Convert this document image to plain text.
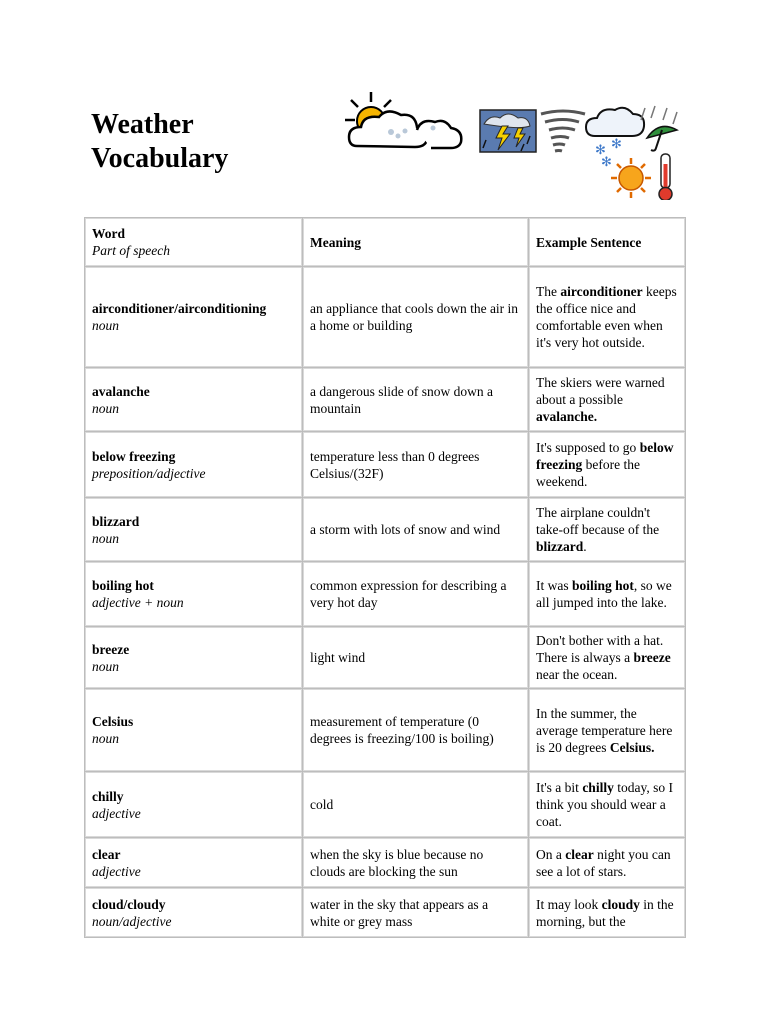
Weather
Vocabulary	✻ ✻
✻
Word
Part of speech	Meaning	Example Sentence

airconditioner/airconditioning
noun	an appliance that cools down the air in a home or building	The airconditioner keeps the office nice and comfortable even when it's very hot outside.

avalanche
noun	a dangerous slide of snow down a mountain	The skiers were warned about a possible avalanche.

below freezing
preposition/adjective	temperature less than 0 degrees Celsius/(32F)	It's supposed to go below freezing before the weekend.

blizzard
noun	a storm with lots of snow and wind	The airplane couldn't take-off because of the blizzard.

boiling hot
adjective + noun	common expression for describing a very hot day	It was boiling hot, so we all jumped into the lake.

breeze
noun	light wind	Don't bother with a hat. There is always a breeze near the ocean.

Celsius
noun	measurement of temperature (0 degrees is freezing/100 is boiling)	In the summer, the average temperature here is 20 degrees Celsius.

chilly
adjective	cold	It's a bit chilly today, so I think you should wear a coat.

clear
adjective	when the sky is blue because no clouds are blocking the sun	On a clear night you can see a lot of stars.

cloud/cloudy
noun/adjective	water in the sky that appears as a white or grey mass	It may look cloudy in the morning, but the
